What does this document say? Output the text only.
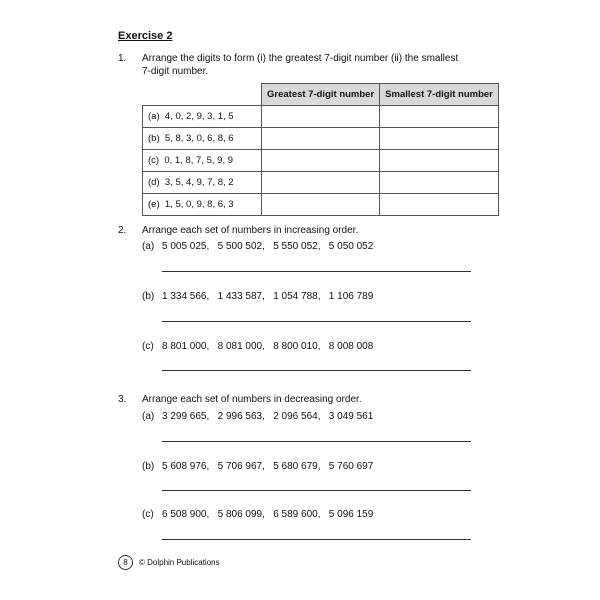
Exercise 2
1. Arrange the digits to form (i) the greatest 7-digit number (ii) the smallest
7-digit number.
	Greatest 7-digit number	Smallest 7-digit number
(a) 4, 0, 2, 9, 3, 1, 5		
(b) 5, 8, 3, 0, 6, 8, 6		
(c) 0, 1, 8, 7, 5, 9, 9		
(d) 3, 5, 4, 9, 7, 8, 2		
(e) 1, 5, 0, 9, 8, 6, 3		
2. Arrange each set of numbers in increasing order.
(a) 5 005 025,   5 500 502,   5 550 052,   5 050 052
(b) 1 334 566,   1 433 587,   1 054 788,   1 106 789
(c) 8 801 000,   8 081 000,   8 800 010,   8 008 008
3. Arrange each set of numbers in decreasing order.
(a) 3 299 665,   2 996 563,   2 096 564,   3 049 561
(b) 5 608 976,   5 706 967,   5 680 679,   5 760 697
(c) 6 508 900,   5 806 099,   6 589 600,   5 096 159
8	© Dolphin Publications
